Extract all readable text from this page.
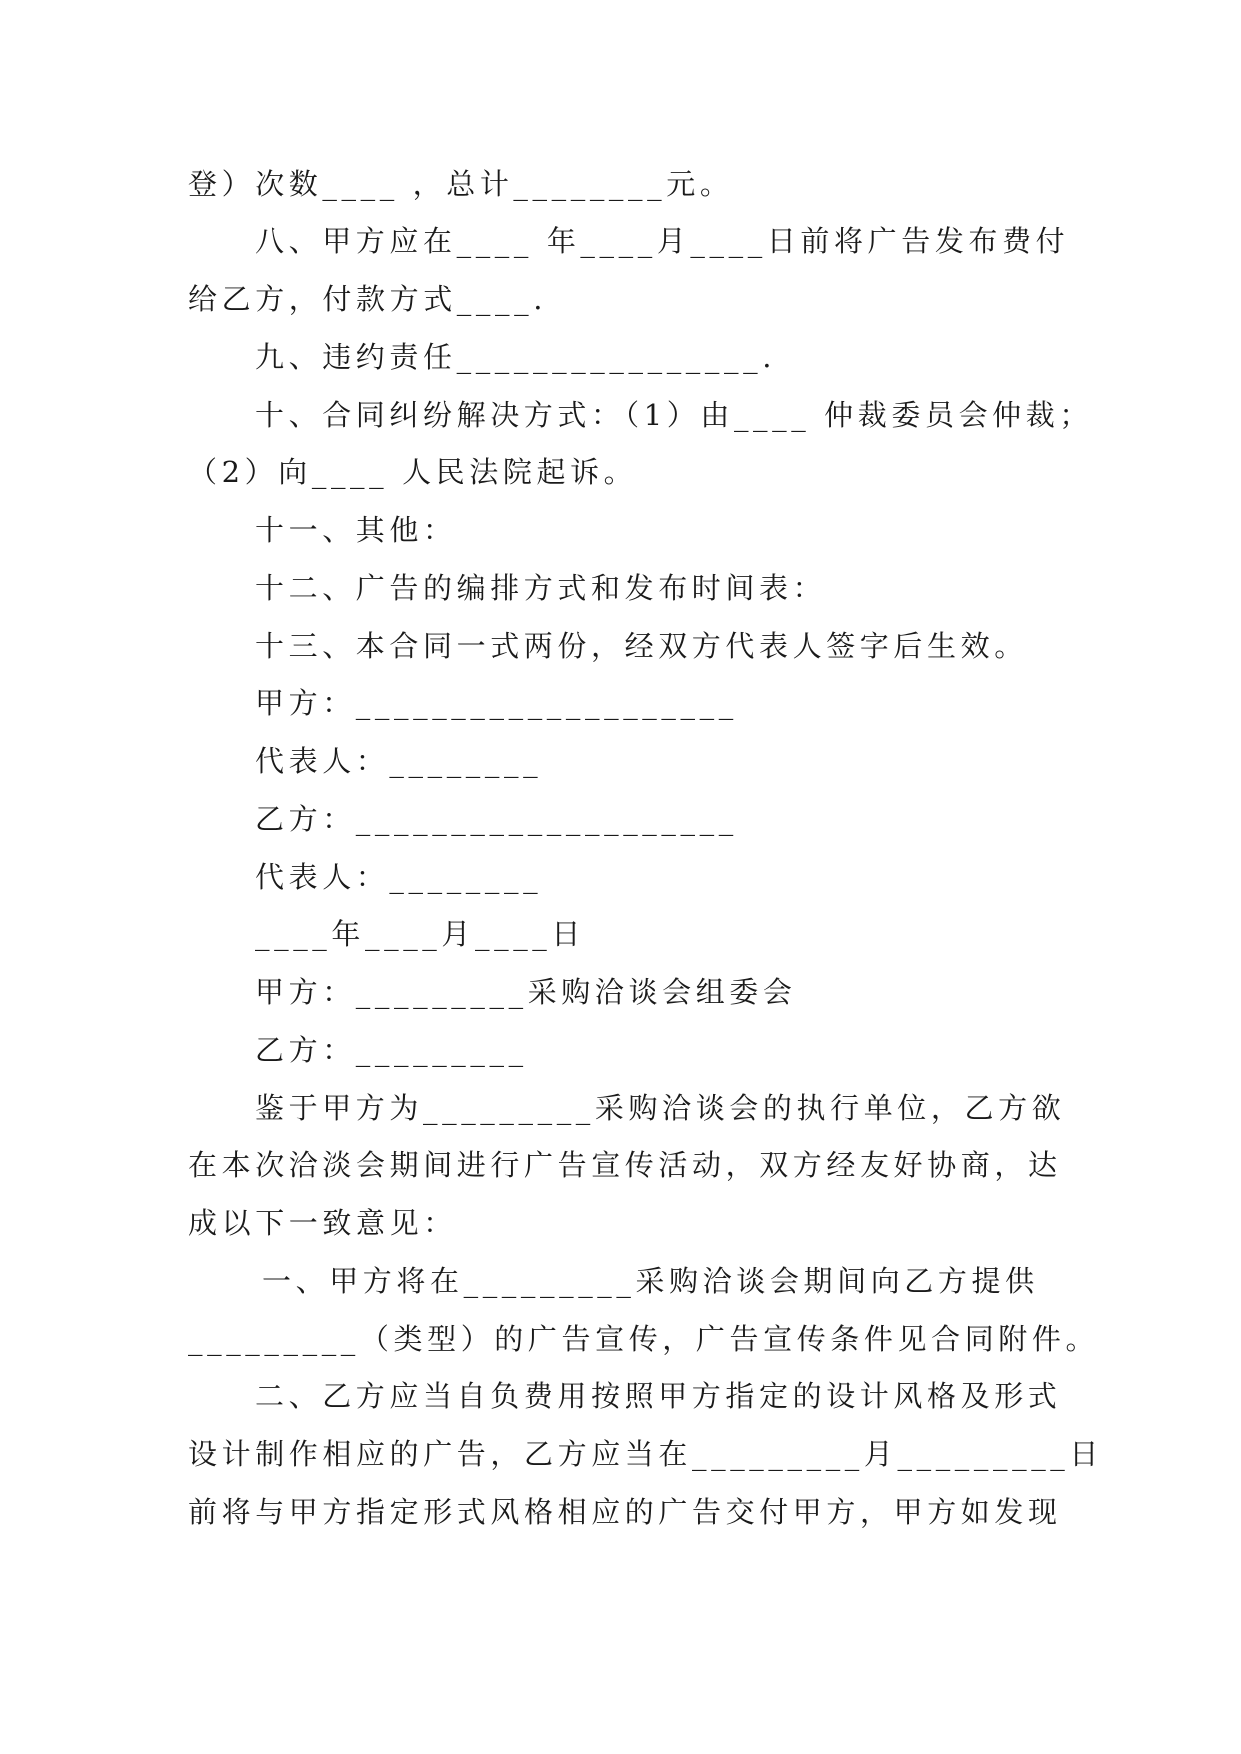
登）次数____ ，总计________元。

八、甲方应在____ 年____月____日前将广告发布费付

给乙方，付款方式____.

九、违约责任________________.

十、合同纠纷解决方式：（1）由____ 仲裁委员会仲裁；

（2）向____ 人民法院起诉。

十一、其他：

十二、广告的编排方式和发布时间表：

十三、本合同一式两份，经双方代表人签字后生效。

甲方：____________________

代表人：________

乙方：____________________

代表人：________

____年____月____日

甲方：_________采购洽谈会组委会

乙方：_________

鉴于甲方为_________采购洽谈会的执行单位，乙方欲

在本次洽淡会期间进行广告宣传活动，双方经友好协商，达

成以下一致意见：

一、甲方将在_________采购洽谈会期间向乙方提供

_________（类型）的广告宣传，广告宣传条件见合同附件。

二、乙方应当自负费用按照甲方指定的设计风格及形式

设计制作相应的广告，乙方应当在_________月_________日

前将与甲方指定形式风格相应的广告交付甲方，甲方如发现
